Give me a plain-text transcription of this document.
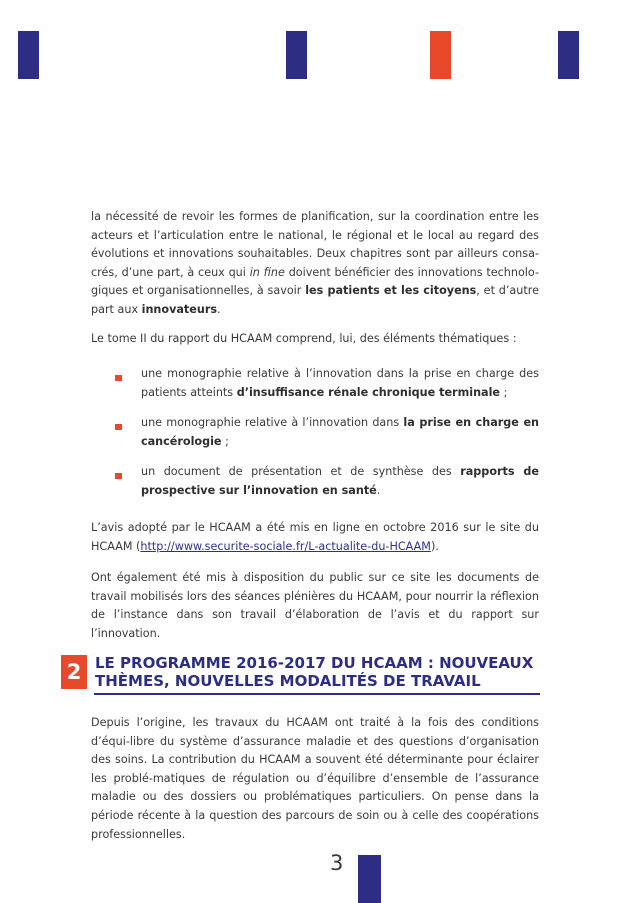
la nécessité de revoir les formes de planification, sur la coordination entre les acteurs et l’articulation entre le national, le régional et le local au regard des évolutions et innovations souhaitables. Deux chapitres sont par ailleurs consa-crés, d’une part, à ceux qui in fine doivent bénéficier des innovations technolo-giques et organisationnelles, à savoir les patients et les citoyens, et d’autre part aux innovateurs.

Le tome II du rapport du HCAAM comprend, lui, des éléments thématiques :

une monographie relative à l’innovation dans la prise en charge des patients atteints d’insuffisance rénale chronique terminale ;

une monographie relative à l’innovation dans la prise en charge en cancérologie ;

un document de présentation et de synthèse des rapports de prospective sur l’innovation en santé.

L’avis adopté par le HCAAM a été mis en ligne en octobre 2016 sur le site du HCAAM (http://www.securite-sociale.fr/L-actualite-du-HCAAM).

Ont également été mis à disposition du public sur ce site les documents de travail mobilisés lors des séances plénières du HCAAM, pour nourrir la réflexion de l’instance dans son travail d’élaboration de l’avis et du rapport sur l’innovation.

2 LE PROGRAMME 2016-2017 DU HCAAM : NOUVEAUX THÈMES, NOUVELLES MODALITÉS DE TRAVAIL

Depuis l’origine, les travaux du HCAAM ont traité à la fois des conditions d’équi-libre du système d’assurance maladie et des questions d’organisation des soins. La contribution du HCAAM a souvent été déterminante pour éclairer les problé-matiques de régulation ou d’équilibre d’ensemble de l’assurance maladie ou des dossiers ou problématiques particuliers. On pense dans la période récente à la question des parcours de soin ou à celle des coopérations professionnelles.

3
